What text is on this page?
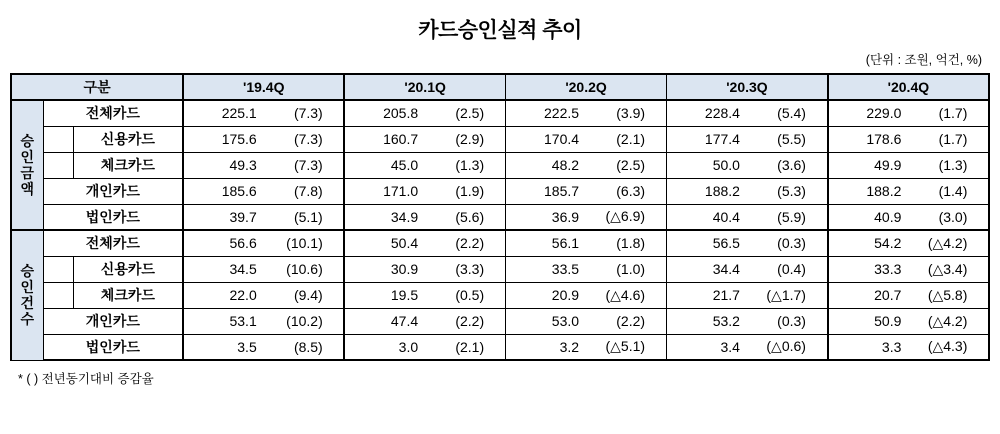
카드승인실적 추이
(단위 : 조원, 억건, %)
구분			'19.4Q	'20.1Q	'20.2Q	'20.3Q	'20.4Q

승
인
금
액
	전체카드	225.1	(7.3)	205.8	(2.5)	222.5	(3.9)	228.4	(5.4)	229.0	(1.7)

		신용카드	175.6 (7.3)	160.7 (2.9)	170.4 (2.1)	177.4 (5.5)	178.6 (1.7)

		체크카드	49.3 (7.3)	45.0 (1.3)	48.2 (2.5)	50.0 (3.6)	49.9 (1.3)

	개인카드		185.6 (7.8)	171.0 (1.9)	185.7 (6.3)	188.2 (5.3)	188.2 (1.4)

	법인카드		39.7 (5.1)	34.9 (5.6)	36.9 (△6.9)	40.4 (5.9)	40.9 (3.0)

승
인
건
수
	전체카드	56.6	(10.1)	50.4	(2.2)	56.1	(1.8)	56.5	(0.3)	54.2	(△4.2)

		신용카드	34.5 (10.6)	30.9 (3.3)	33.5 (1.0)	34.4 (0.4)	33.3 (△3.4)

		체크카드	22.0 (9.4)	19.5 (0.5)	20.9 (△4.6)	21.7 (△1.7)	20.7 (△5.8)

	개인카드		53.1 (10.2)	47.4 (2.2)	53.0 (2.2)	53.2 (0.3)	50.9 (△4.2)

	법인카드		3.5 (8.5)	3.0 (2.1)	3.2 (△5.1)	3.4 (△0.6)	3.3 (△4.3)
* ( ) 전년동기대비 증감율
